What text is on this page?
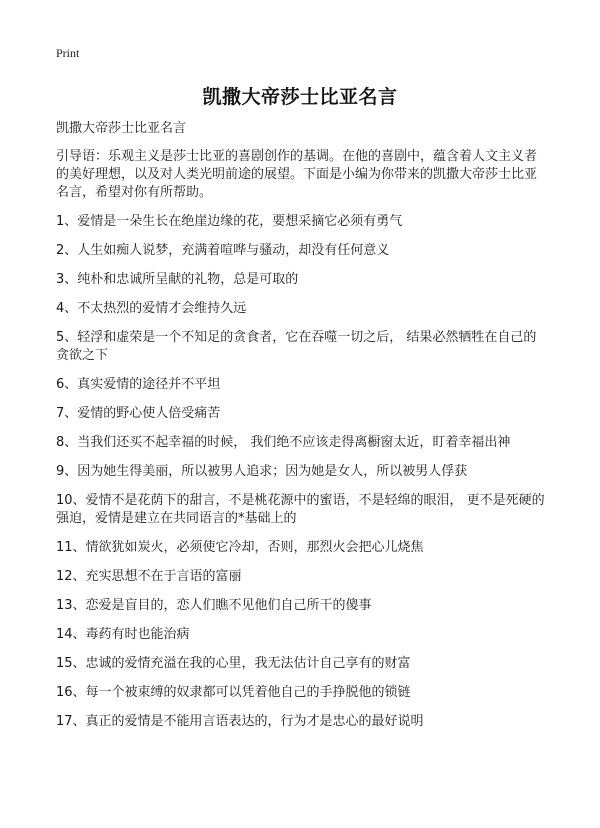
Print
凯撒大帝莎士比亚名言

凯撒大帝莎士比亚名言

引导语：乐观主义是莎士比亚的喜剧创作的基调。在他的喜剧中，蕴含着人文主义者的美好理想，以及对人类光明前途的展望。下面是小编为你带来的凯撒大帝莎士比亚名言，希望对你有所帮助。

1、爱情是一朵生长在绝崖边缘的花，要想采摘它必须有勇气

2、人生如痴人说梦，充满着喧哗与骚动，却没有任何意义

3、纯朴和忠诚所呈献的礼物，总是可取的

4、不太热烈的爱情才会维持久远

5、轻浮和虚荣是一个不知足的贪食者，它在吞噬一切之后， 结果必然牺牲在自己的贪欲之下

6、真实爱情的途径并不平坦

7、爱情的野心使人倍受痛苦

8、当我们还买不起幸福的时候， 我们绝不应该走得离橱窗太近，盯着幸福出神

9、因为她生得美丽，所以被男人追求；因为她是女人，所以被男人俘获

10、爱情不是花荫下的甜言，不是桃花源中的蜜语，不是轻绵的眼泪， 更不是死硬的强迫，爱情是建立在共同语言的*基础上的

11、情欲犹如炭火，必须使它冷却，否则，那烈火会把心儿烧焦

12、充实思想不在于言语的富丽

13、恋爱是盲目的，恋人们瞧不见他们自己所干的傻事

14、毒药有时也能治病

15、忠诚的爱情充溢在我的心里，我无法估计自己享有的财富

16、每一个被束缚的奴隶都可以凭着他自己的手挣脱他的锁链

17、真正的爱情是不能用言语表达的，行为才是忠心的最好说明
